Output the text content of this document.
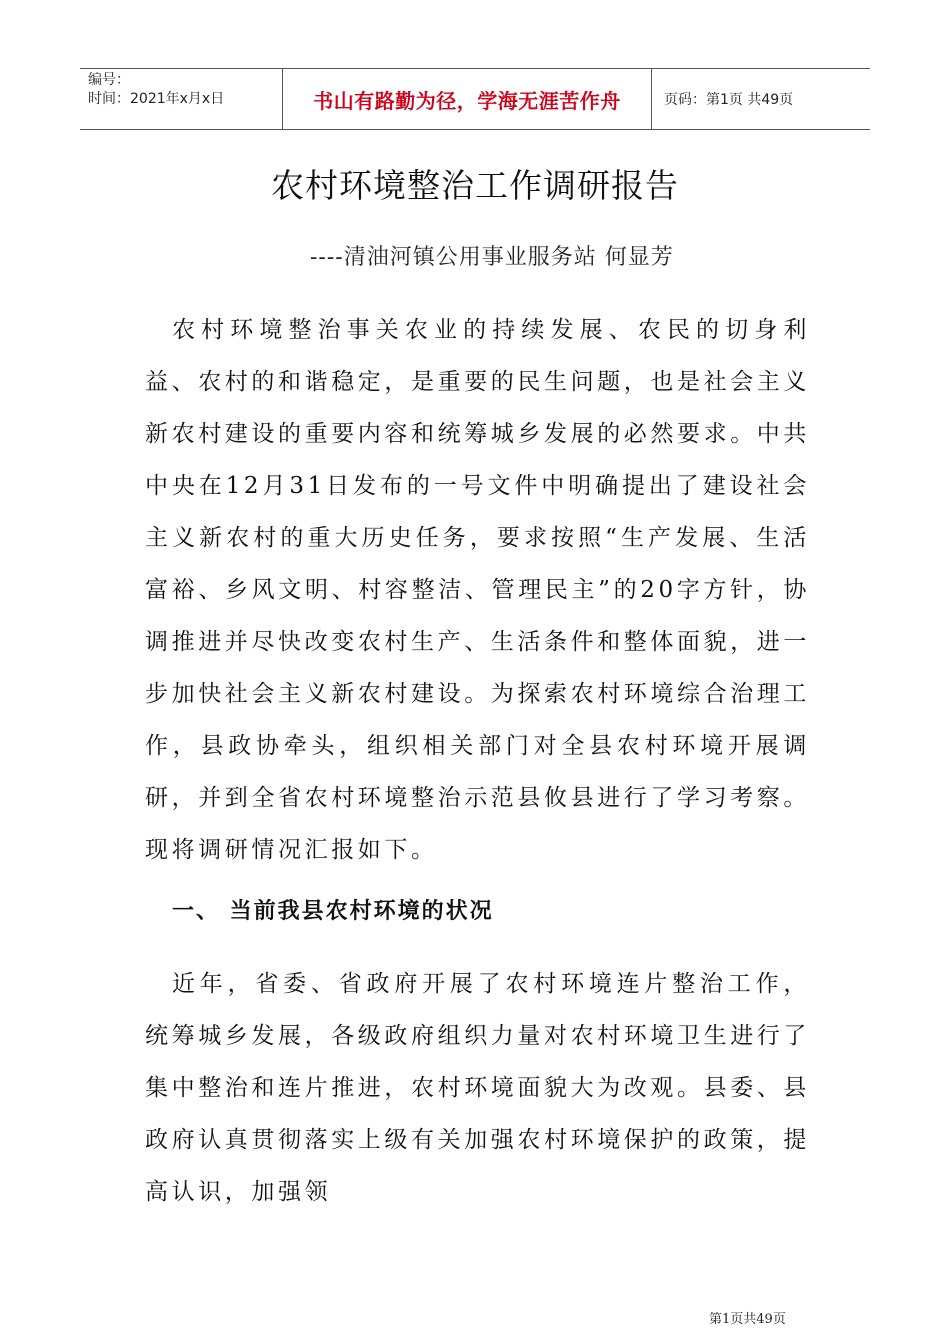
编号：
时间：2021年x月x日	书山有路勤为径，学海无涯苦作舟	页码：第1页 共49页
农村环境整治工作调研报告
----清油河镇公用事业服务站 何显芳

农村环境整治事关农业的持续发展、农民的切身利益、农村的和谐稳定，是重要的民生问题，也是社会主义新农村建设的重要内容和统筹城乡发展的必然要求。中共中央在12月31日发布的一号文件中明确提出了建设社会主义新农村的重大历史任务，要求按照“生产发展、生活富裕、乡风文明、村容整洁、管理民主”的20字方针，协调推进并尽快改变农村生产、生活条件和整体面貌，进一步加快社会主义新农村建设。为探索农村环境综合治理工作，县政协牵头，组织相关部门对全县农村环境开展调研，并到全省农村环境整治示范县攸县进行了学习考察。现将调研情况汇报如下。

一、 当前我县农村环境的状况

近年，省委、省政府开展了农村环境连片整治工作，统筹城乡发展，各级政府组织力量对农村环境卫生进行了集中整治和连片推进，农村环境面貌大为改观。县委、县政府认真贯彻落实上级有关加强农村环境保护的政策，提高认识，加强领

第1页共49页
